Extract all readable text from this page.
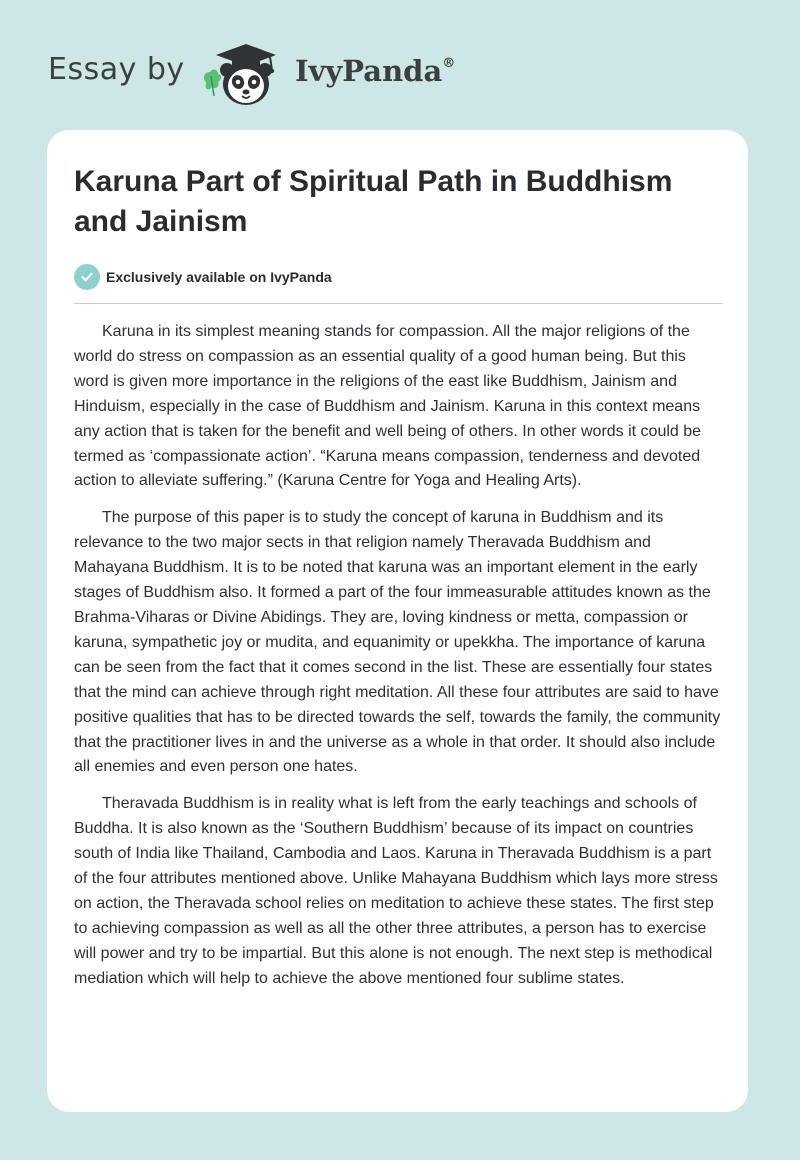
Essay by	IvyPanda®
Karuna Part of Spiritual Path in Buddhism and Jainism
Exclusively available on IvyPanda

Karuna in its simplest meaning stands for compassion. All the major religions of the world do stress on compassion as an essential quality of a good human being. But this word is given more importance in the religions of the east like Buddhism, Jainism and Hinduism, especially in the case of Buddhism and Jainism. Karuna in this context means any action that is taken for the benefit and well being of others. In other words it could be termed as ‘compassionate action’. “Karuna means compassion, tenderness and devoted action to alleviate suffering.” (Karuna Centre for Yoga and Healing Arts).

The purpose of this paper is to study the concept of karuna in Buddhism and its relevance to the two major sects in that religion namely Theravada Buddhism and Mahayana Buddhism. It is to be noted that karuna was an important element in the early stages of Buddhism also. It formed a part of the four immeasurable attitudes known as the Brahma-Viharas or Divine Abidings. They are, loving kindness or metta, compassion or karuna, sympathetic joy or mudita, and equanimity or upekkha. The importance of karuna can be seen from the fact that it comes second in the list. These are essentially four states that the mind can achieve through right meditation. All these four attributes are said to have positive qualities that has to be directed towards the self, towards the family, the community that the practitioner lives in and the universe as a whole in that order. It should also include all enemies and even person one hates.

Theravada Buddhism is in reality what is left from the early teachings and schools of Buddha. It is also known as the ‘Southern Buddhism’ because of its impact on countries south of India like Thailand, Cambodia and Laos. Karuna in Theravada Buddhism is a part of the four attributes mentioned above. Unlike Mahayana Buddhism which lays more stress on action, the Theravada school relies on meditation to achieve these states. The first step to achieving compassion as well as all the other three attributes, a person has to exercise will power and try to be impartial. But this alone is not enough. The next step is methodical mediation which will help to achieve the above mentioned four sublime states.
